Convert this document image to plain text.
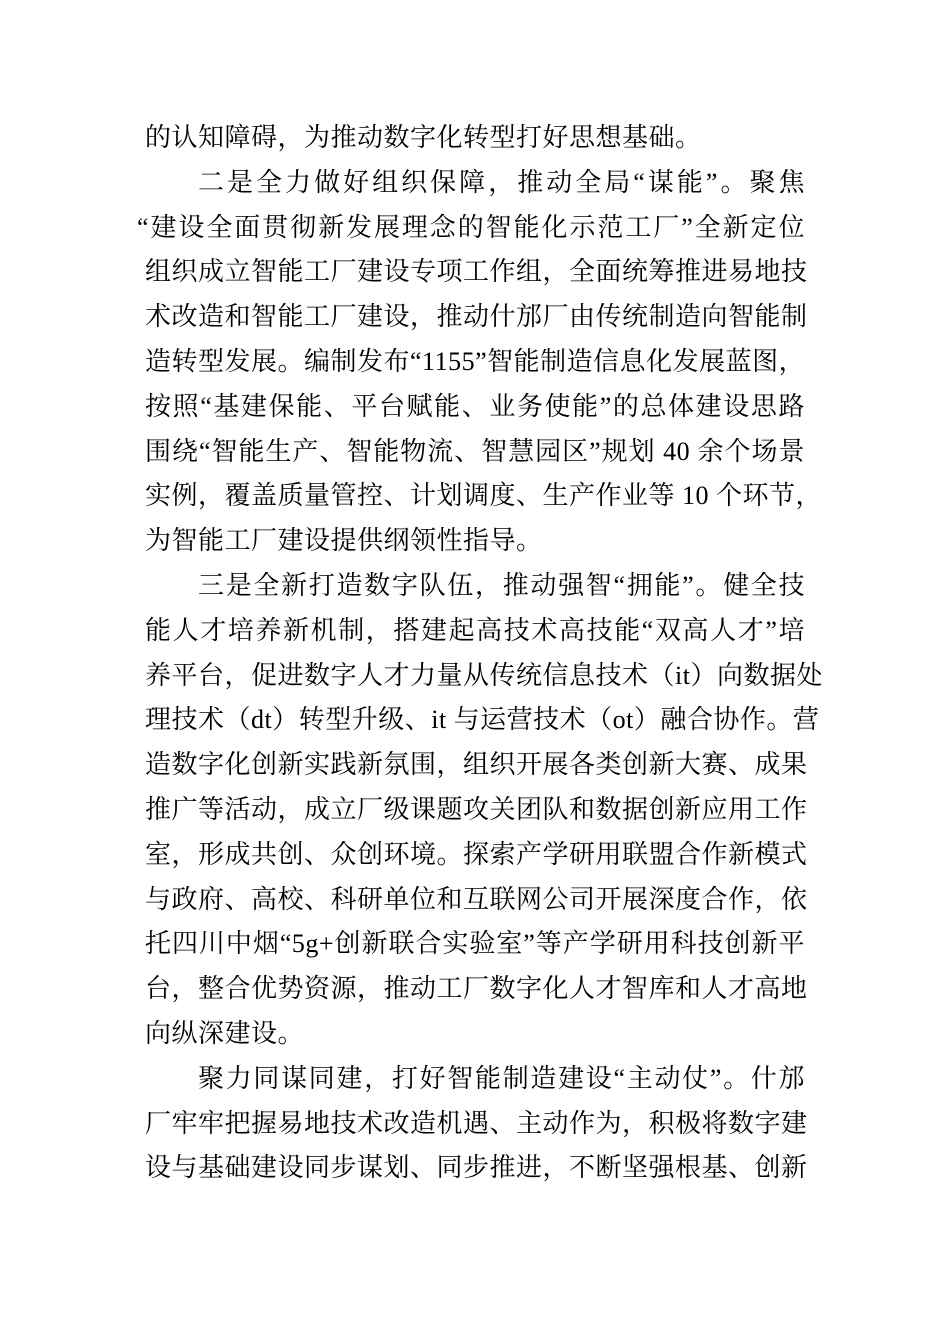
的认知障碍，为推动数字化转型打好思想基础。
二是全力做好组织保障，推动全局“谋能”。聚焦
“建设全面贯彻新发展理念的智能化示范工厂”全新定位
组织成立智能工厂建设专项工作组，全面统筹推进易地技
术改造和智能工厂建设，推动什邡厂由传统制造向智能制
造转型发展。编制发布“1155”智能制造信息化发展蓝图，
按照“基建保能、平台赋能、业务使能”的总体建设思路
围绕“智能生产、智能物流、智慧园区”规划 40 余个场景
实例，覆盖质量管控、计划调度、生产作业等 10 个环节，
为智能工厂建设提供纲领性指导。
三是全新打造数字队伍，推动强智“拥能”。健全技
能人才培养新机制，搭建起高技术高技能“双高人才”培
养平台，促进数字人才力量从传统信息技术（it）向数据处
理技术（dt）转型升级、it 与运营技术（ot）融合协作。营
造数字化创新实践新氛围，组织开展各类创新大赛、成果
推广等活动，成立厂级课题攻关团队和数据创新应用工作
室，形成共创、众创环境。探索产学研用联盟合作新模式
与政府、高校、科研单位和互联网公司开展深度合作，依
托四川中烟“5g+创新联合实验室”等产学研用科技创新平
台，整合优势资源，推动工厂数字化人才智库和人才高地
向纵深建设。
聚力同谋同建，打好智能制造建设“主动仗”。什邡
厂牢牢把握易地技术改造机遇、主动作为，积极将数字建
设与基础建设同步谋划、同步推进，不断坚强根基、创新
